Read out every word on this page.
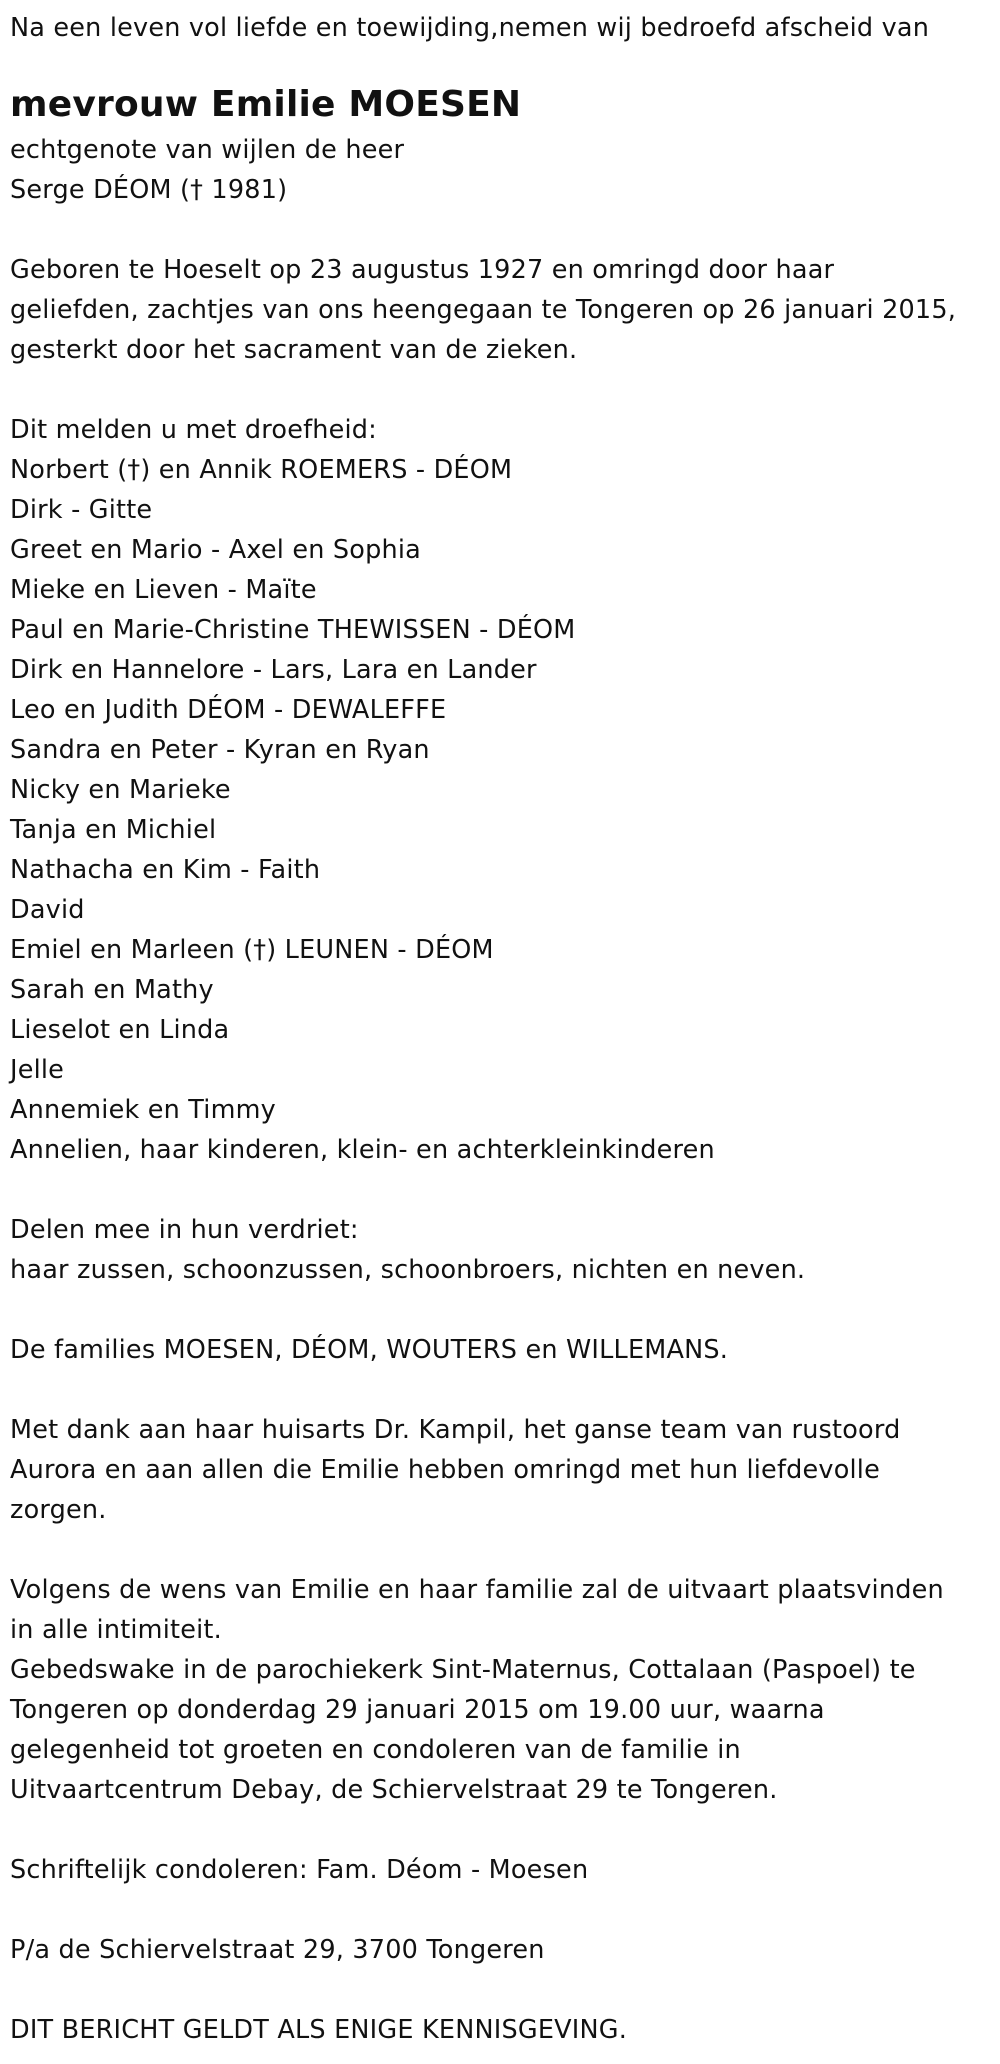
Na een leven vol liefde en toewijding,nemen wij bedroefd afscheid van
mevrouw Emilie MOESEN
echtgenote van wijlen de heer
Serge DÉOM († 1981)
Geboren te Hoeselt op 23 augustus 1927 en omringd door haar
geliefden, zachtjes van ons heengegaan te Tongeren op 26 januari 2015,
gesterkt door het sacrament van de zieken.
Dit melden u met droefheid:
Norbert (†) en Annik ROEMERS - DÉOM
Dirk - Gitte
Greet en Mario - Axel en Sophia
Mieke en Lieven - Maïte
Paul en Marie-Christine THEWISSEN - DÉOM
Dirk en Hannelore - Lars, Lara en Lander
Leo en Judith DÉOM - DEWALEFFE
Sandra en Peter - Kyran en Ryan
Nicky en Marieke
Tanja en Michiel
Nathacha en Kim - Faith
David
Emiel en Marleen (†) LEUNEN - DÉOM
Sarah en Mathy
Lieselot en Linda
Jelle
Annemiek en Timmy
Annelien, haar kinderen, klein- en achterkleinkinderen
Delen mee in hun verdriet:
haar zussen, schoonzussen, schoonbroers, nichten en neven.
De families MOESEN, DÉOM, WOUTERS en WILLEMANS.
Met dank aan haar huisarts Dr. Kampil, het ganse team van rustoord
Aurora en aan allen die Emilie hebben omringd met hun liefdevolle
zorgen.
Volgens de wens van Emilie en haar familie zal de uitvaart plaatsvinden
in alle intimiteit.
Gebedswake in de parochiekerk Sint-Maternus, Cottalaan (Paspoel) te
Tongeren op donderdag 29 januari 2015 om 19.00 uur, waarna
gelegenheid tot groeten en condoleren van de familie in
Uitvaartcentrum Debay, de Schiervelstraat 29 te Tongeren.
Schriftelijk condoleren: Fam. Déom - Moesen
P/a de Schiervelstraat 29, 3700 Tongeren
DIT BERICHT GELDT ALS ENIGE KENNISGEVING.
